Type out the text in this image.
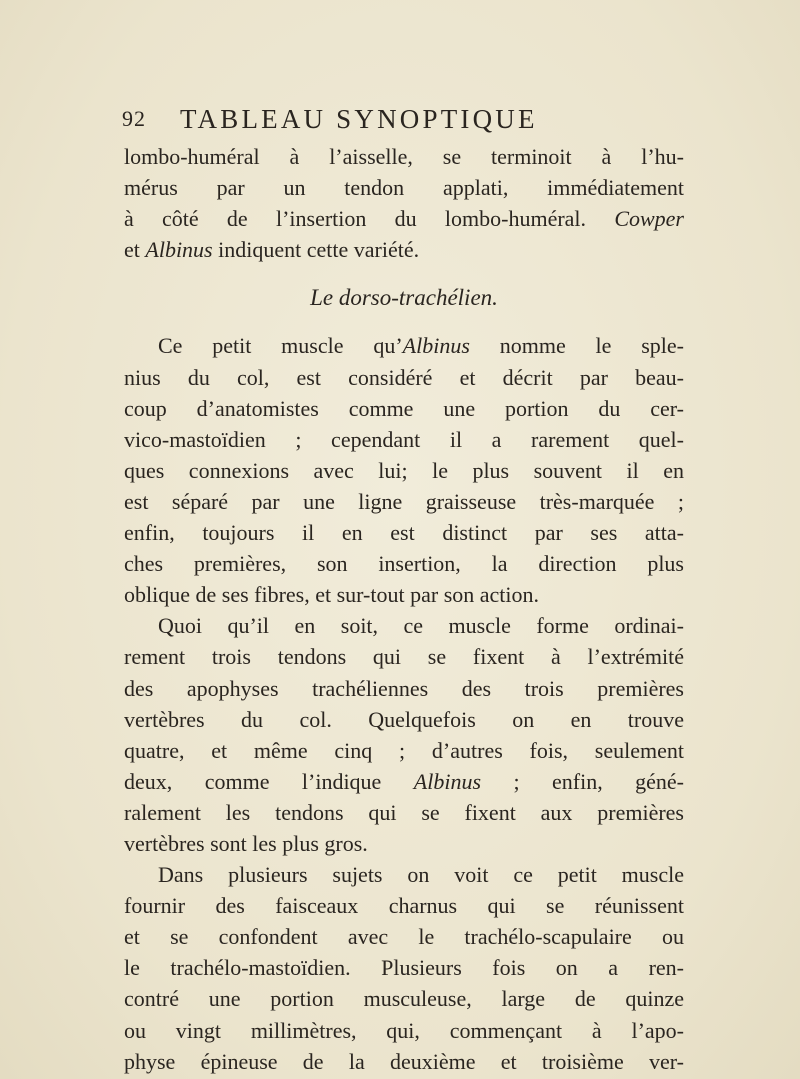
92 TABLEAU SYNOPTIQUE
lombo-huméral à l’aisselle, se terminoit à l’hu-
mérus par un tendon applati, immédiatement
à côté de l’insertion du lombo-huméral. Cowper
et Albinus indiquent cette variété.
Le dorso-trachélien.
Ce petit muscle qu’Albinus nomme le sple-
nius du col, est considéré et décrit par beau-
coup d’anatomistes comme une portion du cer-
vico-mastoïdien ; cependant il a rarement quel-
ques connexions avec lui; le plus souvent il en
est séparé par une ligne graisseuse très-marquée ;
enfin, toujours il en est distinct par ses atta-
ches premières, son insertion, la direction plus
oblique de ses fibres, et sur-tout par son action.
Quoi qu’il en soit, ce muscle forme ordinai-
rement trois tendons qui se fixent à l’extrémité
des apophyses trachéliennes des trois premières
vertèbres du col. Quelquefois on en trouve
quatre, et même cinq ; d’autres fois, seulement
deux, comme l’indique Albinus ; enfin, géné-
ralement les tendons qui se fixent aux premières
vertèbres sont les plus gros.
Dans plusieurs sujets on voit ce petit muscle
fournir des faisceaux charnus qui se réunissent
et se confondent avec le trachélo-scapulaire ou
le trachélo-mastoïdien. Plusieurs fois on a ren-
contré une portion musculeuse, large de quinze
ou vingt millimètres, qui, commençant à l’apo-
physe épineuse de la deuxième et troisième ver-
